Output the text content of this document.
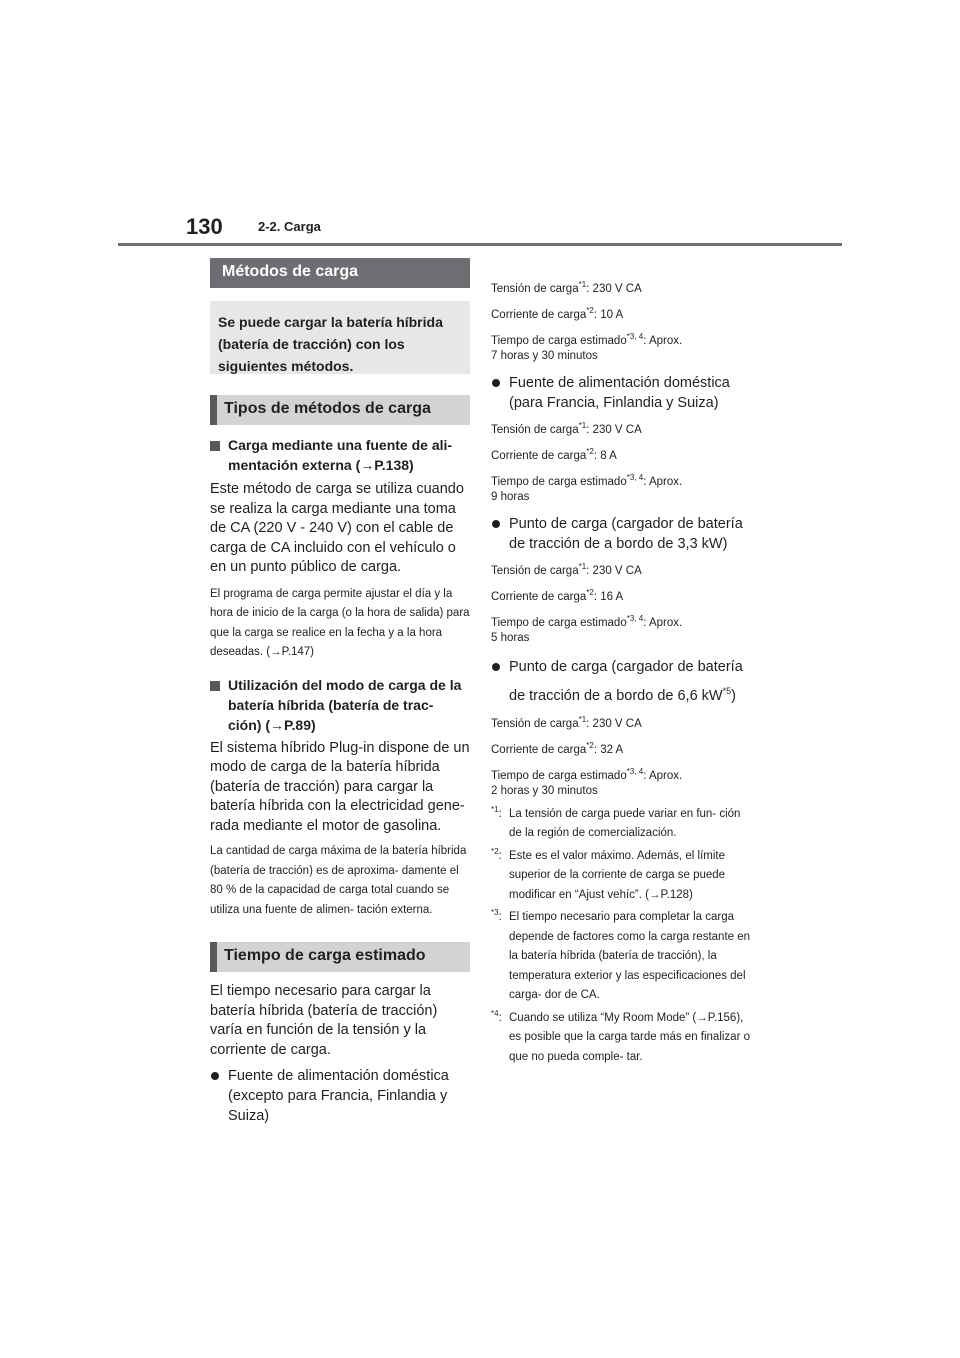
130	2-2. Carga
Métodos de carga
Se puede cargar la batería híbrida (batería de tracción) con los siguientes métodos.
Tipos de métodos de carga
Carga mediante una fuente de ali- mentación externa (→P.138)
Este método de carga se utiliza cuando se realiza la carga mediante una toma de CA (220 V - 240 V) con el cable de carga de CA incluido con el vehículo o en un punto público de carga.
El programa de carga permite ajustar el día y la hora de inicio de la carga (o la hora de salida) para que la carga se realice en la fecha y a la hora deseadas. (→P.147)
Utilización del modo de carga de la batería híbrida (batería de trac- ción) (→P.89)
El sistema híbrido Plug-in dispone de un modo de carga de la batería híbrida (batería de tracción) para cargar la batería híbrida con la electricidad gene- rada mediante el motor de gasolina.
La cantidad de carga máxima de la batería híbrida (batería de tracción) es de aproxima- damente el 80 % de la capacidad de carga total cuando se utiliza una fuente de alimen- tación externa.
Tiempo de carga estimado
El tiempo necesario para cargar la batería híbrida (batería de tracción) varía en función de la tensión y la corriente de carga.
Fuente de alimentación doméstica (excepto para Francia, Finlandia y Suiza)
Tensión de carga$^{*1}$: 230 V CA
Corriente de carga$^{*2}$: 10 A
Tiempo de carga estimado$^{*3, 4}$: Aprox.
7 horas y 30 minutos
Fuente de alimentación doméstica (para Francia, Finlandia y Suiza)
Tensión de carga$^{*1}$: 230 V CA
Corriente de carga$^{*2}$: 8 A
Tiempo de carga estimado$^{*3, 4}$: Aprox.
9 horas
Punto de carga (cargador de batería de tracción de a bordo de 3,3 kW)
Tensión de carga$^{*1}$: 230 V CA
Corriente de carga$^{*2}$: 16 A
Tiempo de carga estimado$^{*3, 4}$: Aprox.
5 horas
Punto de carga (cargador de batería de tracción de a bordo de 6,6 $kW^{*5}$)
Tensión de carga$^{*1}$: 230 V CA
Corriente de carga$^{*2}$: 32 A
Tiempo de carga estimado$^{*3, 4}$: Aprox.
2 horas y 30 minutos
$^{*1}$: La tensión de carga puede variar en fun- ción de la región de comercialización.
$^{*2}$: Este es el valor máximo. Además, el límite superior de la corriente de carga se puede modificar en “Ajust vehíc”. (→P.128)
$^{*3}$: El tiempo necesario para completar la carga depende de factores como la carga restante en la batería híbrida (batería de tracción), la temperatura exterior y las especificaciones del carga- dor de CA.
$^{*4}$: Cuando se utiliza “My Room Mode” (→P.156), es posible que la carga tarde más en finalizar o que no pueda comple- tar.
